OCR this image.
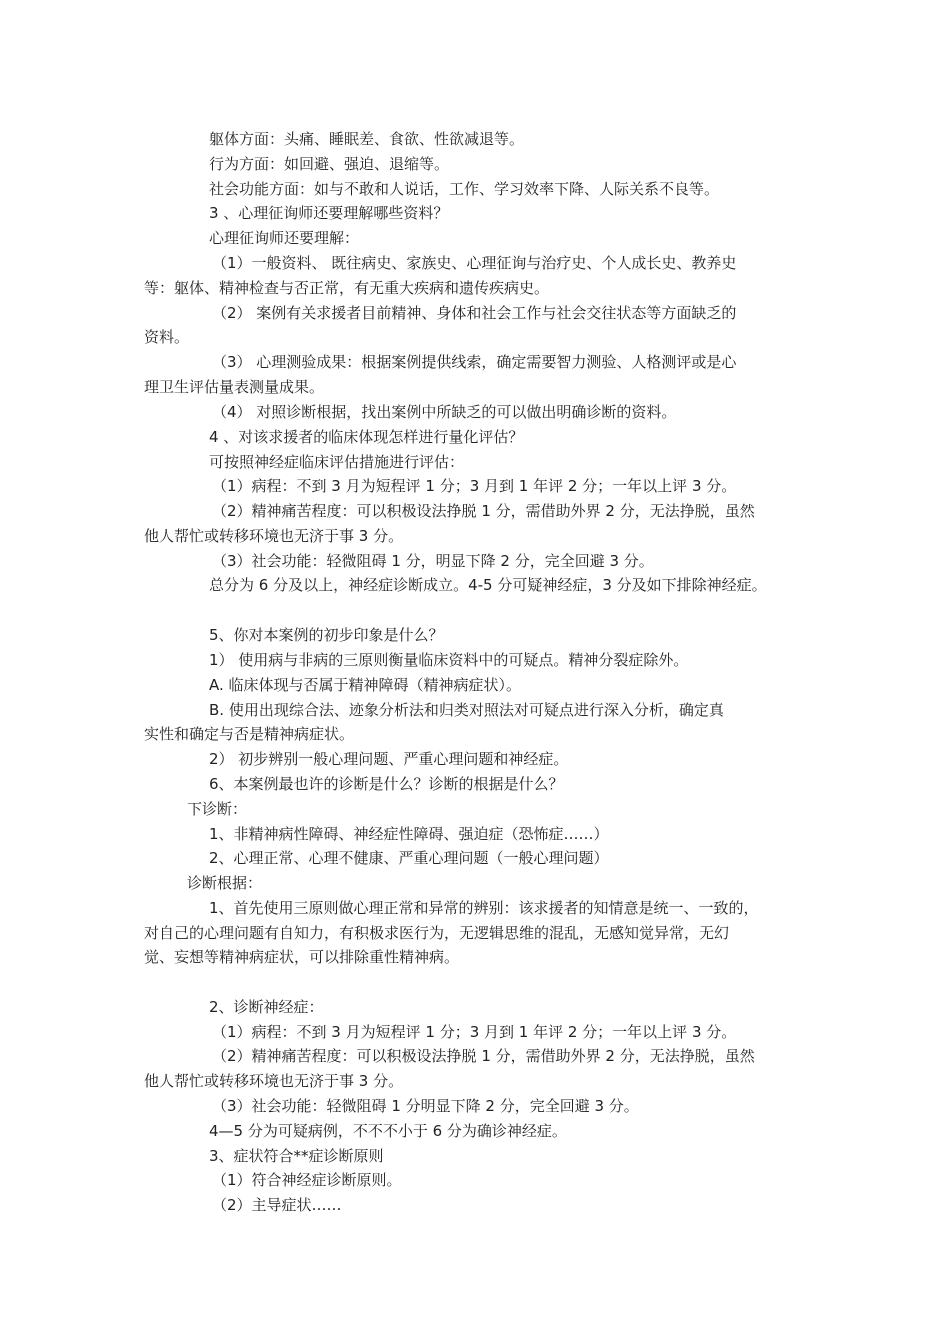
躯体方面：头痛、睡眠差、食欲、性欲减退等。
行为方面：如回避、强迫、退缩等。
社会功能方面：如与不敢和人说话，工作、学习效率下降、人际关系不良等。
3 、心理征询师还要理解哪些资料？
心理征询师还要理解：
（1）一般资料、 既往病史、家族史、心理征询与治疗史、个人成长史、教养史
等：躯体、精神检查与否正常，有无重大疾病和遗传疾病史。
（2） 案例有关求援者目前精神、身体和社会工作与社会交往状态等方面缺乏的
资料。
（3） 心理测验成果：根据案例提供线索，确定需要智力测验、人格测评或是心
理卫生评估量表测量成果。
（4） 对照诊断根据，找出案例中所缺乏的可以做出明确诊断的资料。
4 、对该求援者的临床体现怎样进行量化评估？
可按照神经症临床评估措施进行评估：
（1）病程：不到 3 月为短程评 1 分；3 月到 1 年评 2 分；一年以上评 3 分。
（2）精神痛苦程度：可以积极设法挣脱 1 分，需借助外界 2 分，无法挣脱，虽然
他人帮忙或转移环境也无济于事 3 分。
（3）社会功能：轻微阻碍 1 分，明显下降 2 分，完全回避 3 分。
总分为 6 分及以上，神经症诊断成立。4-5 分可疑神经症，3 分及如下排除神经症。
5、你对本案例的初步印象是什么？
1） 使用病与非病的三原则衡量临床资料中的可疑点。精神分裂症除外。
A. 临床体现与否属于精神障碍（精神病症状）。
B. 使用出现综合法、迹象分析法和归类对照法对可疑点进行深入分析，确定真
实性和确定与否是精神病症状。
2） 初步辨别一般心理问题、严重心理问题和神经症。
6、本案例最也许的诊断是什么？诊断的根据是什么？
下诊断：
1、非精神病性障碍、神经症性障碍、强迫症（恐怖症……）
2、心理正常、心理不健康、严重心理问题（一般心理问题）
诊断根据：
1、首先使用三原则做心理正常和异常的辨别：该求援者的知情意是统一、一致的，
对自己的心理问题有自知力，有积极求医行为，无逻辑思维的混乱，无感知觉异常，无幻
觉、妄想等精神病症状，可以排除重性精神病。
2、诊断神经症：
（1）病程：不到 3 月为短程评 1 分；3 月到 1 年评 2 分；一年以上评 3 分。
（2）精神痛苦程度：可以积极设法挣脱 1 分，需借助外界 2 分，无法挣脱，虽然
他人帮忙或转移环境也无济于事 3 分。
（3）社会功能：轻微阻碍 1 分明显下降 2 分，完全回避 3 分。
4—5 分为可疑病例，不不不小于 6 分为确诊神经症。
3、症状符合**症诊断原则
（1）符合神经症诊断原则。
（2）主导症状……
